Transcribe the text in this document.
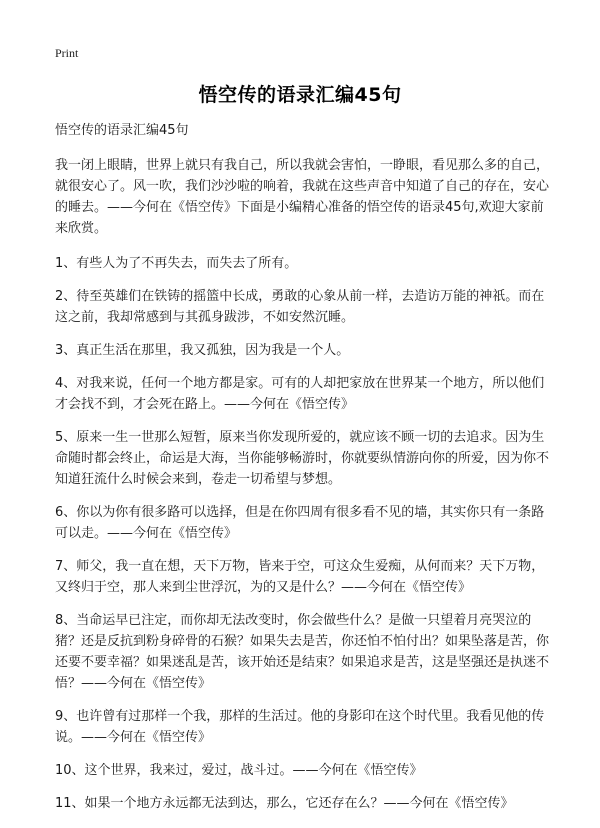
Print
悟空传的语录汇编45句

悟空传的语录汇编45句

我一闭上眼睛，世界上就只有我自己，所以我就会害怕，一睁眼，看见那么多的自己，就很安心了。风一吹，我们沙沙啦的响着，我就在这些声音中知道了自己的存在，安心的睡去。——今何在《悟空传》下面是小编精心准备的悟空传的语录45句,欢迎大家前来欣赏。

1、有些人为了不再失去，而失去了所有。

2、待至英雄们在铁铸的摇篮中长成，勇敢的心象从前一样，去造访万能的神祇。而在这之前，我却常感到与其孤身跋涉，不如安然沉睡。

3、真正生活在那里，我又孤独，因为我是一个人。

4、对我来说，任何一个地方都是家。可有的人却把家放在世界某一个地方，所以他们才会找不到，才会死在路上。——今何在《悟空传》

5、原来一生一世那么短暂，原来当你发现所爱的，就应该不顾一切的去追求。因为生命随时都会终止，命运是大海，当你能够畅游时，你就要纵情游向你的所爱，因为你不知道狂流什么时候会来到，卷走一切希望与梦想。

6、你以为你有很多路可以选择，但是在你四周有很多看不见的墙，其实你只有一条路可以走。——今何在《悟空传》

7、师父，我一直在想，天下万物，皆来于空，可这众生爱痴，从何而来？天下万物，又终归于空，那人来到尘世浮沉，为的又是什么？——今何在《悟空传》

8、当命运早已注定，而你却无法改变时，你会做些什么？是做一只望着月亮哭泣的猪？还是反抗到粉身碎骨的石猴？如果失去是苦，你还怕不怕付出？如果坠落是苦，你还要不要幸福？如果迷乱是苦，该开始还是结束？如果追求是苦，这是坚强还是执迷不悟？——今何在《悟空传》

9、也许曾有过那样一个我，那样的生活过。他的身影印在这个时代里。我看见他的传说。——今何在《悟空传》

10、这个世界，我来过，爱过，战斗过。——今何在《悟空传》

11、如果一个地方永远都无法到达，那么，它还存在么？——今何在《悟空传》
